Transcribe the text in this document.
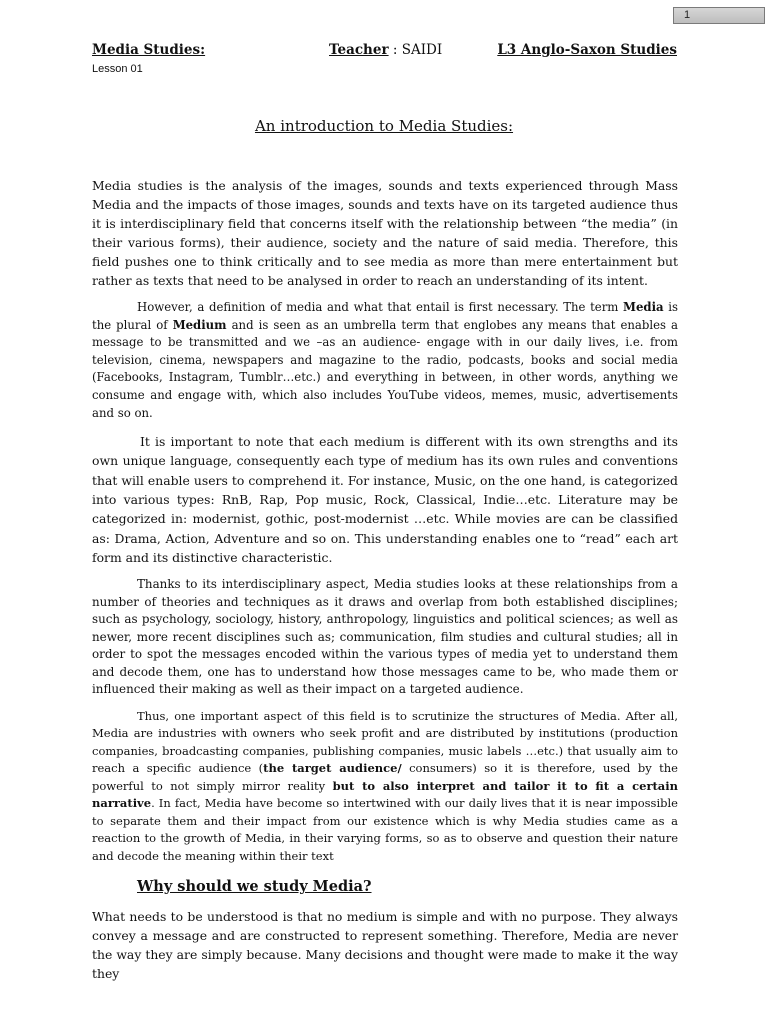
1
Media Studies:	Teacher : SAIDI	L3 Anglo-Saxon Studies
Lesson 01
An introduction to Media Studies:

Media studies is the analysis of the images, sounds and texts experienced through Mass Media and the impacts of those images, sounds and texts have on its targeted audience thus it is interdisciplinary field that concerns itself with the relationship between “the media” (in their various forms), their audience, society and the nature of said media. Therefore, this field pushes one to think critically and to see media as more than mere entertainment but rather as texts that need to be analysed in order to reach an understanding of its intent.

However, a definition of media and what that entail is first necessary. The term Media is the plural of Medium and is seen as an umbrella term that englobes any means that enables a message to be transmitted and we –as an audience- engage with in our daily lives, i.e. from television, cinema, newspapers and magazine to the radio, podcasts, books and social media (Facebooks, Instagram, Tumblr…etc.) and everything in between, in other words, anything we consume and engage with, which also includes YouTube videos, memes, music, advertisements and so on.

It is important to note that each medium is different with its own strengths and its own unique language, consequently each type of medium has its own rules and conventions that will enable users to comprehend it. For instance, Music, on the one hand, is categorized into various types: RnB, Rap, Pop music, Rock, Classical, Indie…etc. Literature may be categorized in: modernist, gothic, post-modernist …etc. While movies are can be classified as: Drama, Action, Adventure and so on. This understanding enables one to “read” each art form and its distinctive characteristic.

Thanks to its interdisciplinary aspect, Media studies looks at these relationships from a number of theories and techniques as it draws and overlap from both established disciplines; such as psychology, sociology, history, anthropology, linguistics and political sciences; as well as newer, more recent disciplines such as; communication, film studies and cultural studies; all in order to spot the messages encoded within the various types of media yet to understand them and decode them, one has to understand how those messages came to be, who made them or influenced their making as well as their impact on a targeted audience.

Thus, one important aspect of this field is to scrutinize the structures of Media. After all, Media are industries with owners who seek profit and are distributed by institutions (production companies, broadcasting companies, publishing companies, music labels …etc.) that usually aim to reach a specific audience (the target audience/ consumers) so it is therefore, used by the powerful to not simply mirror reality but to also interpret and tailor it to fit a certain narrative. In fact, Media have become so intertwined with our daily lives that it is near impossible to separate them and their impact from our existence which is why Media studies came as a reaction to the growth of Media, in their varying forms, so as to observe and question their nature and decode the meaning within their text

Why should we study Media?

What needs to be understood is that no medium is simple and with no purpose. They always convey a message and are constructed to represent something. Therefore, Media are never the way they are simply because. Many decisions and thought were made to make it the way they
